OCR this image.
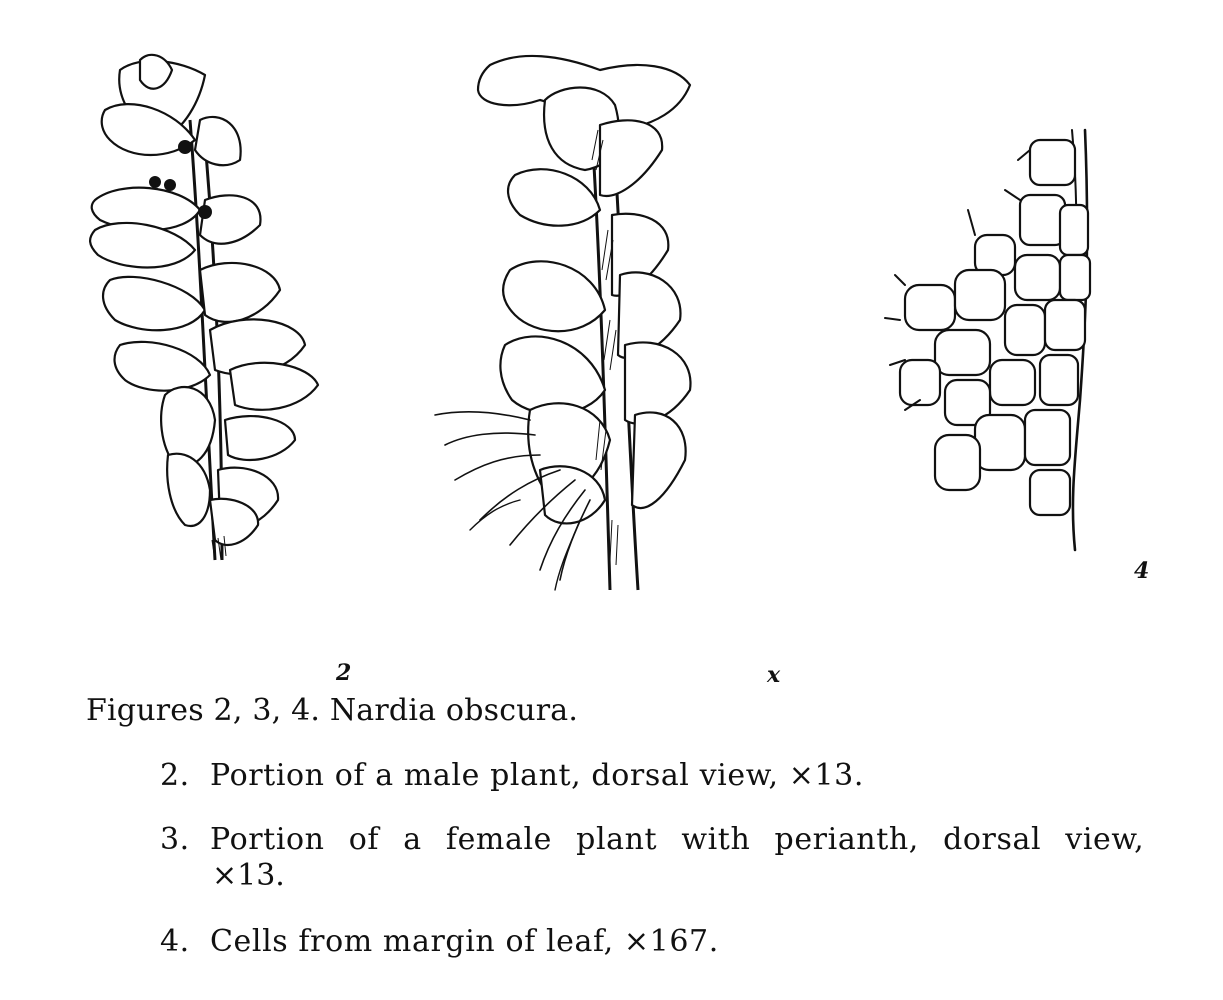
2	x
4
Figures 2, 3, 4. Nardia obscura.
2. Portion of a male plant, dorsal view, ×13.
3. Portion of a female plant with perianth, dorsal view,
×13.
4. Cells from margin of leaf, ×167.
